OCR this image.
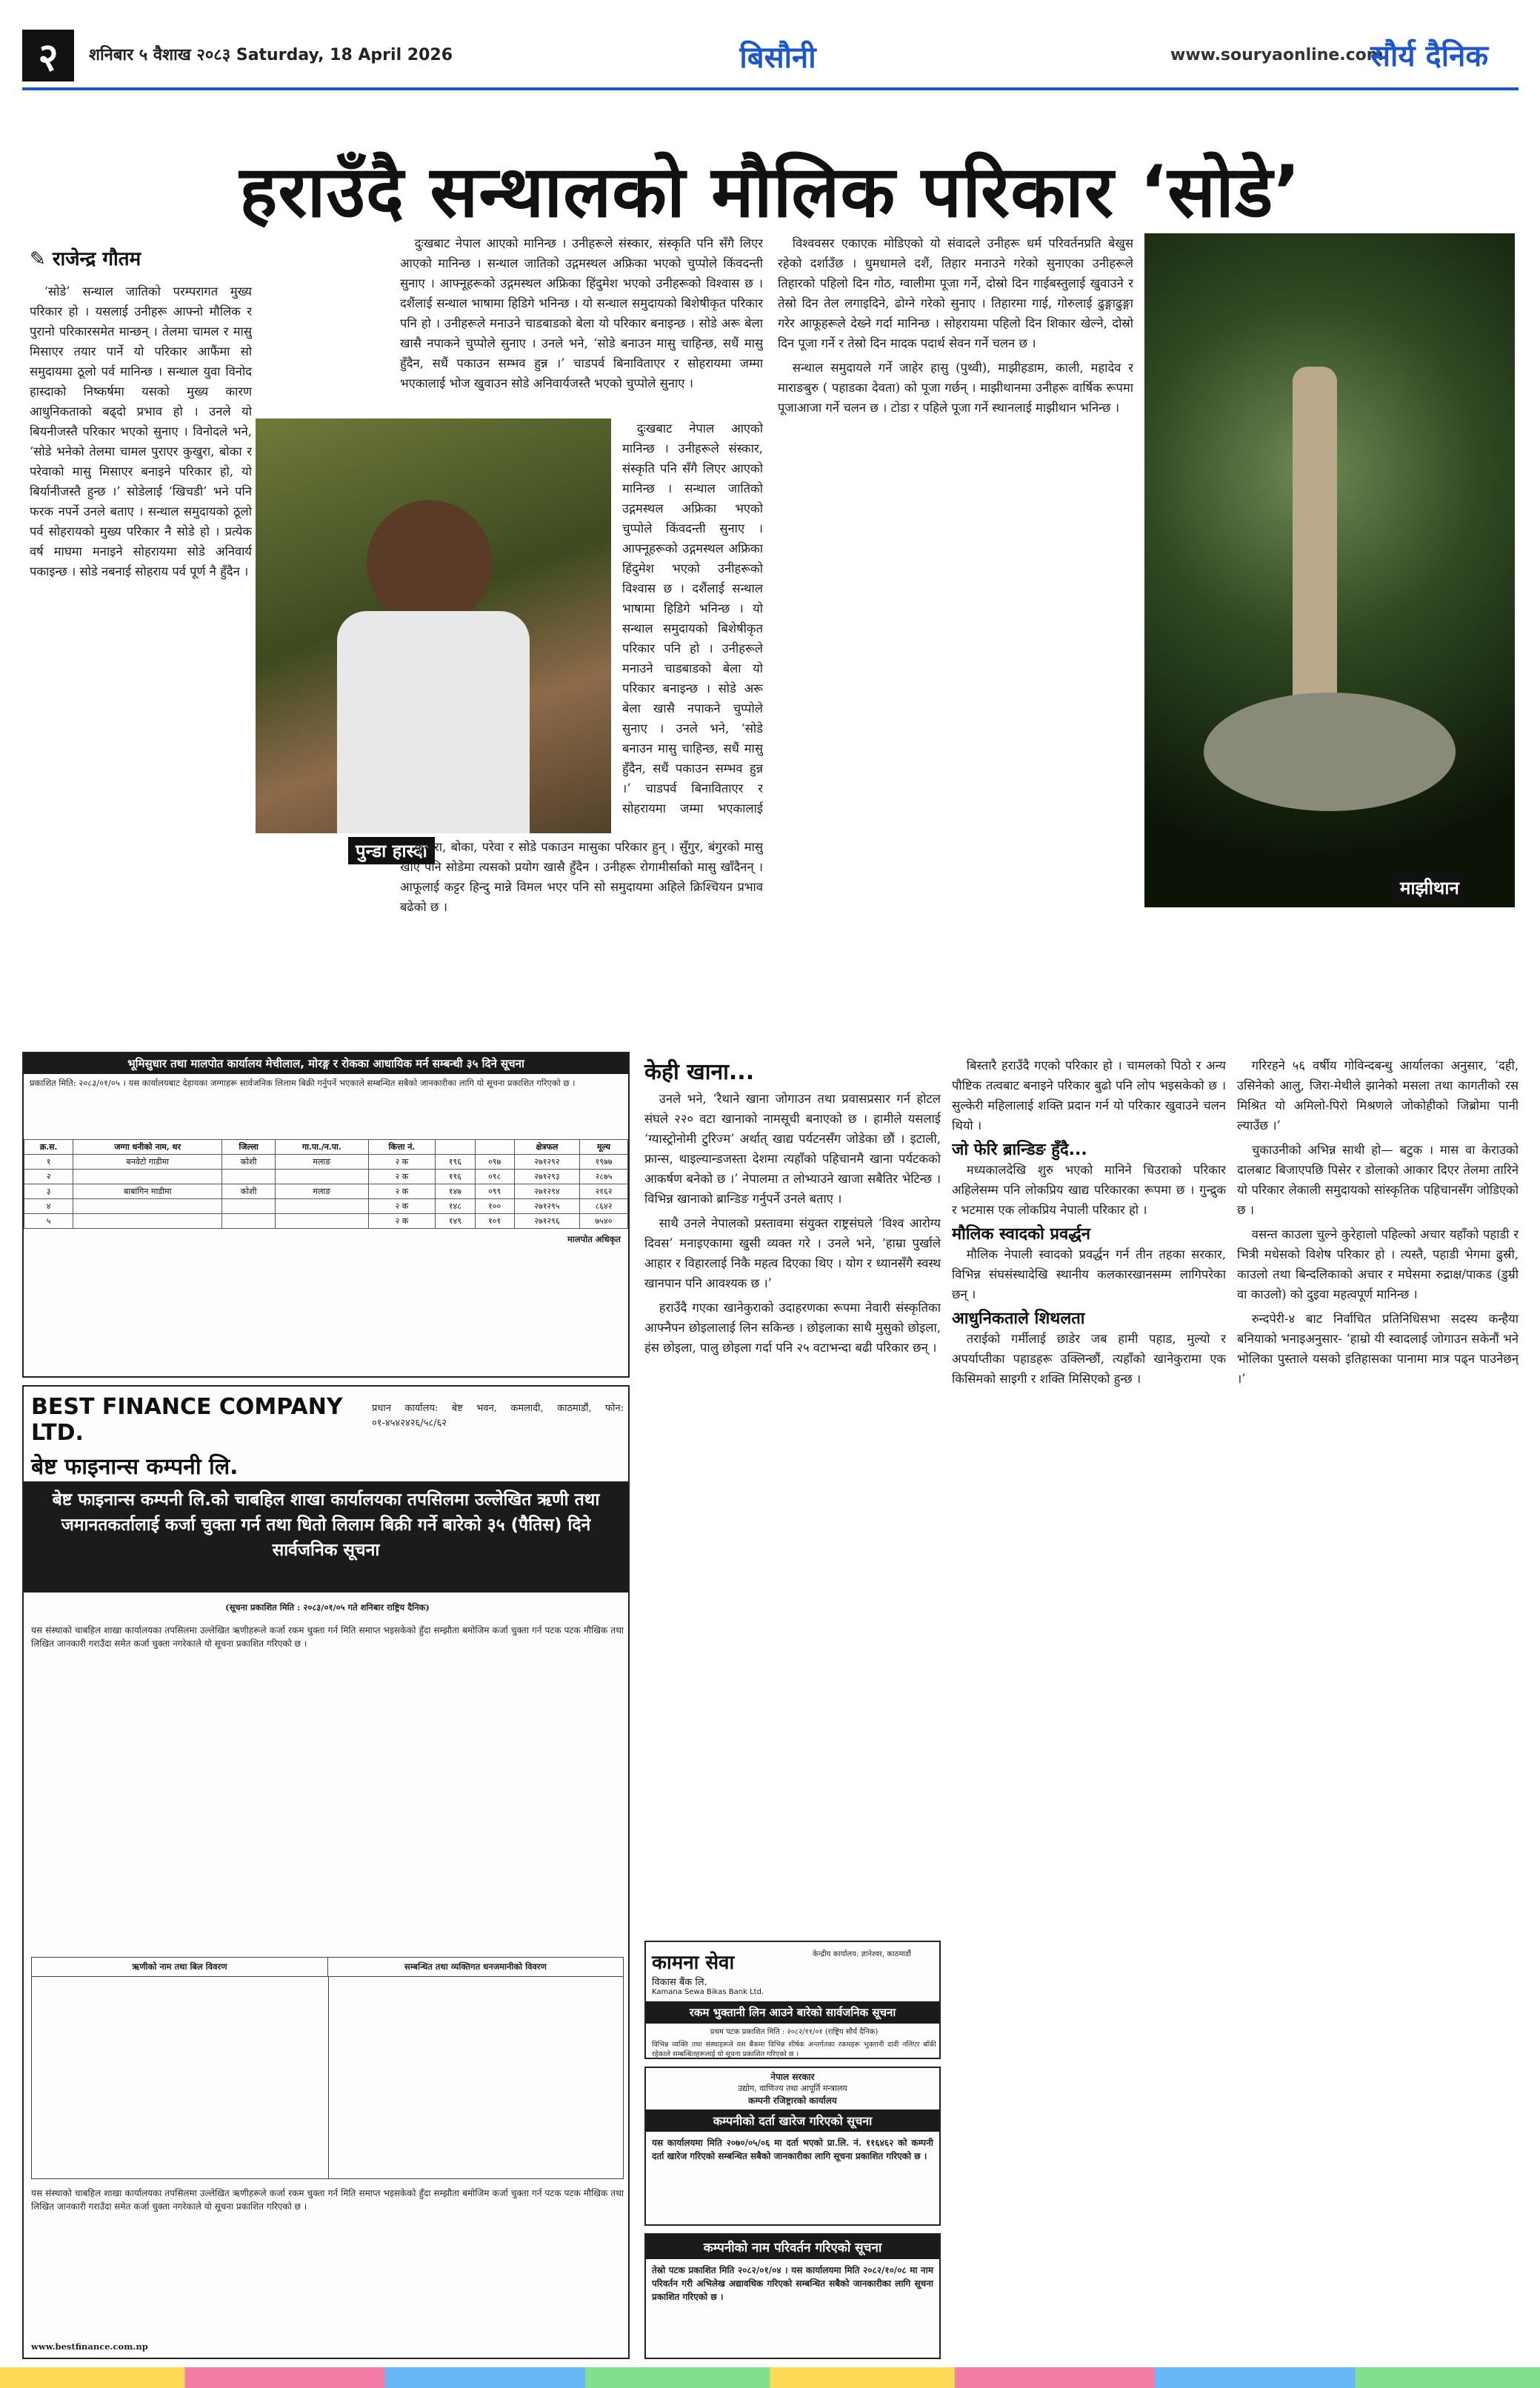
२	शनिबार ५ वैशाख २०८३ Saturday, 18 April 2026	बिसौनी	www.souryaonline.com
सौर्य दैनिक
हराउँदै सन्थालको मौलिक परिकार ‘सोडे’
✎ राजेन्द्र गौतम

‘सोडे’ सन्थाल जातिको परम्परागत मुख्य परिकार हो । यसलाई उनीहरू आफ्नो मौलिक र पुरानो परिकारसमेत मान्छन् । तेलमा चामल र मासु मिसाएर तयार पार्ने यो परिकार आफैंमा सो समुदायमा ठूलो पर्व मानिन्छ । सन्थाल युवा विनोद हास्दाको निष्कर्षमा यसको मुख्य कारण आधुनिकताको बढ्दो प्रभाव हो । उनले यो बियनीजस्तै परिकार भएको सुनाए । विनोदले भने, ‘सोडे भनेको तेलमा चामल पुराएर कुखुरा, बोका र परेवाको मासु मिसाएर बनाइने परिकार हो, यो बिर्यानीजस्तै हुन्छ ।’ सोडेलाई ‘खिचडी’ भने पनि फरक नपर्ने उनले बताए । सन्थाल समुदायको ठूलो पर्व सोहरायको मुख्य परिकार नै सोडे हो । प्रत्येक वर्ष माघमा मनाइने सोहरायमा सोडे अनिवार्य पकाइन्छ । सोडे नबनाई सोहराय पर्व पूर्ण नै हुँदैन ।

पुन्डा हास्दा

दुःखबाट नेपाल आएको मानिन्छ । उनीहरूले संस्कार, संस्कृति पनि सँगै लिएर आएको मानिन्छ । सन्थाल जातिको उद्गमस्थल अफ्रिका भएको चुप्पोले किंवदन्ती सुनाए । आफ्नूहरूको उद्गमस्थल अफ्रिका हिंदुमेश भएको उनीहरूको विश्वास छ । दशैंलाई सन्थाल भाषामा हिडिगे भनिन्छ । यो सन्थाल समुदायको बिशेषीकृत परिकार पनि हो । उनीहरूले मनाउने चाडबाडको बेला यो परिकार बनाइन्छ । सोडे अरू बेला खासै नपाकने चुप्पोले सुनाए । उनले भने, ‘सोडे बनाउन मासु चाहिन्छ, सधैं मासु हुँदैन, सधैं पकाउन सम्भव हुन्न ।’ चाडपर्व बिनाविताएर र सोहरायमा जम्मा भएकालाई भोज खुवाउन सोडे अनिवार्यजस्तै भएको चुप्पोले सुनाए ।

दुःखबाट नेपाल आएको मानिन्छ । उनीहरूले संस्कार, संस्कृति पनि सँगै लिएर आएको मानिन्छ । सन्थाल जातिको उद्गमस्थल अफ्रिका भएको चुप्पोले किंवदन्ती सुनाए । आफ्नूहरूको उद्गमस्थल अफ्रिका हिंदुमेश भएको उनीहरूको विश्वास छ । दशैंलाई सन्थाल भाषामा हिडिगे भनिन्छ । यो सन्थाल समुदायको बिशेषीकृत परिकार पनि हो । उनीहरूले मनाउने चाडबाडको बेला यो परिकार बनाइन्छ । सोडे अरू बेला खासै नपाकने चुप्पोले सुनाए । उनले भने, ‘सोडे बनाउन मासु चाहिन्छ, सधैं मासु हुँदैन, सधैं पकाउन सम्भव हुन्न ।’ चाडपर्व बिनाविताएर र सोहरायमा जम्मा भएकालाई

कुखुरा, बोका, परेवा र सोडे पकाउन मासुका परिकार हुन् । सुँगुर, बंगुरको मासु खाए पनि सोडेमा त्यसको प्रयोग खासै हुँदैन । उनीहरू रोगामीर्साको मासु खाँदैनन् । आफूलाई कट्टर हिन्दु मान्ने विमल भएर पनि सो समुदायमा अहिले क्रिश्चियन प्रभाव बढेको छ ।

विश्ववसर एकाएक मोडिएको यो संवादले उनीहरू धर्म परिवर्तनप्रति बेखुस रहेको दर्शाउँछ । धुमधामले दशैं, तिहार मनाउने गरेको सुनाएका उनीहरूले तिहारको पहिलो दिन गोठ, ग्वालीमा पूजा गर्ने, दोस्रो दिन गाईबस्तुलाई खुवाउने र तेस्रो दिन तेल लगाइदिने, ढोग्ने गरेको सुनाए । तिहारमा गाई, गोरुलाई ढुङ्गाढुङ्गा गरेर आफूहरूले देख्ने गर्दा मानिन्छ । सोहरायमा पहिलो दिन शिकार खेल्ने, दोस्रो दिन पूजा गर्ने र तेस्रो दिन मादक पदार्थ सेवन गर्ने चलन छ ।

सन्थाल समुदायले गर्ने जाहेर हासु (पुथ्वी), माझीहडाम, काली, महादेव र माराङबुरु ( पहाडका देवता) को पूजा गर्छन् । माझीथानमा उनीहरू वार्षिक रूपमा पूजाआजा गर्ने चलन छ । टोडा र पहिले पूजा गर्ने स्थानलाई माझीथान भनिन्छ ।

माझीथान
भूमिसुधार तथा मालपोत कार्यालय मेचीलाल, मोरङ्ग र रोकका आधायिक मर्न सम्बन्धी ३५ दिने सूचना
प्रकाशित मिति: २०८३/०१/०५ । यस कार्यालयबाट देहायका जग्गाहरू सार्वजनिक लिलाम बिक्री गर्नुपर्ने भएकाले सम्बन्धित सबैको जानकारीका लागि यो सूचना प्रकाशित गरिएको छ ।
क्र.स.	जग्गा धनीको नाम, थर	जिल्ला	गा.पा./न.पा.	कित्ता नं.			क्षेत्रफल	मूल्य
१	बनवेटो गाडीमा	कोशी	मलाङ	२ क	१९६	०९७	२७१२९२	१९७७
२				२ क	१९६	०९८	२७१२९३	२८७५
३	बाबांगिन माडीमा	कोशी	मलाङ	२ क	१४७	०९९	२७१२९४	२१६२
४				२ क	१४८	१००	२७१२९५	८६४२
५				२ क	१४९	१०१	२७१२९६	७५४०
मालपोत अधिकृत
BEST FINANCE COMPANY LTD.
बेष्ट फाइनान्स कम्पनी लि.
प्रधान कार्यालय: बेष्ट भवन, कमलादी, काठमाडौं, फोन: ०१-४५४२४२६/५८/६२
बेष्ट फाइनान्स कम्पनी लि.को चाबहिल शाखा कार्यालयका तपसिलमा उल्लेखित ऋणी तथा जमानतकर्तालाई कर्जा चुक्ता गर्न तथा धितो लिलाम बिक्री गर्ने बारेको ३५ (पैतिस) दिने सार्वजनिक सूचना
(सूचना प्रकाशित मिति : २०८३/०१/०५ गते शनिबार राष्ट्रिय दैनिक)
यस संस्थाको चाबहिल शाखा कार्यालयका तपसिलमा उल्लेखित ऋणीहरूले कर्जा रकम चुक्ता गर्न मिति समाप्त भइसकेको हुँदा सम्झौता बमोजिम कर्जा चुक्ता गर्न पटक पटक मौखिक तथा लिखित जानकारी गराउँदा समेत कर्जा चुक्ता नगरेकाले यो सूचना प्रकाशित गरिएको छ ।
ऋणीको नाम तथा बिल विवरण	सम्बन्धित तथा व्यक्तिगत धनजमानीको विवरण
यस संस्थाको चाबहिल शाखा कार्यालयका तपसिलमा उल्लेखित ऋणीहरूले कर्जा रकम चुक्ता गर्न मिति समाप्त भइसकेको हुँदा सम्झौता बमोजिम कर्जा चुक्ता गर्न पटक पटक मौखिक तथा लिखित जानकारी गराउँदा समेत कर्जा चुक्ता नगरेकाले यो सूचना प्रकाशित गरिएको छ ।
www.bestfinance.com.np
केही खाना...

उनले भने, ‘रैथाने खाना जोगाउन तथा प्रवासप्रसार गर्न होटल संघले २२० वटा खानाको नामसूची बनाएको छ । हामीले यसलाई ‘ग्यास्ट्रोनोमी टुरिज्म’ अर्थात् खाद्य पर्यटनसँग जोडेका छौं । इटाली, फ्रान्स, थाइल्यान्डजस्ता देशमा त्यहाँको पहिचानमै खाना पर्यटकको आकर्षण बनेको छ ।’ नेपालमा त लोभ्याउने खाजा सबैतिर भेटिन्छ । विभिन्न खानाको ब्रान्डिङ गर्नुपर्ने उनले बताए ।

साथै उनले नेपालको प्रस्तावमा संयुक्त राष्ट्रसंघले ‘विश्व आरोग्य दिवस’ मनाइएकामा खुसी व्यक्त गरे । उनले भने, ‘हाम्रा पुर्खाले आहार र विहारलाई निकै महत्व दिएका थिए । योग र ध्यानसँगै स्वस्थ खानपान पनि आवश्यक छ ।’

हराउँदै गएका खानेकुराको उदाहरणका रूपमा नेवारी संस्कृतिका आफ्नैपन छोइलालाई लिन सकिन्छ । छोइलाका साथै मुसुको छोइला, हंस छोइला, पालु छोइला गर्दा पनि २५ वटाभन्दा बढी परिकार छन् ।

बिस्तारै हराउँदै गएको परिकार हो । चामलको पिठो र अन्य पौष्टिक तत्वबाट बनाइने परिकार बुढो पनि लोप भइसकेको छ । सुल्केरी महिलालाई शक्ति प्रदान गर्न यो परिकार खुवाउने चलन थियो ।

जो फेरि ब्रान्डिङ हुँदै...

मध्यकालदेखि शुरु भएको मानिने चिउराको परिकार अहिलेसम्म पनि लोकप्रिय खाद्य परिकारका रूपमा छ । गुन्द्रुक र भटमास एक लोकप्रिय नेपाली परिकार हो ।

मौलिक स्वादको प्रवर्द्धन

मौलिक नेपाली स्वादको प्रवर्द्धन गर्न तीन तहका सरकार, विभिन्न संघसंस्थादेखि स्थानीय कलकारखानसम्म लागिपरेका छन् ।

आधुनिकताले शिथलता

तराईको गर्मीलाई छाडेर जब हामी पहाड, मुल्यो र अपर्याप्तीका पहाडहरू उक्लिन्छौं, त्यहाँको खानेकुरामा एक किसिमको साइगी र शक्ति मिसिएको हुन्छ ।

गरिरहने ५६ वर्षीय गोविन्दबन्धु आर्यालका अनुसार, ‘दही, उसिनेको आलु, जिरा-मेथीले झानेको मसला तथा कागतीको रस मिश्रित यो अमिलो-पिरो मिश्रणले जोकोहीको जिब्रोमा पानी ल्याउँछ ।’

चुकाउनीको अभिन्न साथी हो— बटुक । मास वा केराउको दालबाट बिजाएपछि पिसेर र डोलाको आकार दिएर तेलमा तारिने यो परिकार लेकाली समुदायको सांस्कृतिक पहिचानसँग जोडिएको छ ।

वसन्त काउला चुल्ने कुरेहालो पहिल्को अचार यहाँको पहाडी र भित्री मधेसको विशेष परिकार हो । त्यस्तै, पहाडी भेगमा ढुस्री, काउलो तथा बिन्दलिकाको अचार र मघेसमा रुद्राक्ष/पाकड (डुम्री वा काउलो) को दुइवा महत्वपूर्ण मानिन्छ ।

रुन्दपेरी-४ बाट निर्वाचित प्रतिनिधिसभा सदस्य कन्हैया बनियाको भनाइअनुसार- ‘हाम्रो यी स्वादलाई जोगाउन सकेनौं भने भोलिका पुस्ताले यसको इतिहासका पानामा मात्र पढ्न पाउनेछन् ।’

कामना सेवा
विकास बैंक लि.
Kamana Sewa Bikas Bank Ltd.
केन्द्रीय कार्यालय: ज्ञानेश्वर, काठमाडौं
रकम भुक्तानी लिन आउने बारेको सार्वजनिक सूचना
प्रथम पटक प्रकाशित मिति : २०८२/११/०१ (राष्ट्रिय सौर्य दैनिक)
विभिन्न व्यक्ति तथा संस्थाहरूले यस बैंकमा विभिन्न शीर्षक अन्तर्गतका रकमहरू भुक्तानी दावी नलिएर बाँकी रहेकाले सम्बन्धितहरूलाई यो सूचना प्रकाशित गरिएको छ ।
नेपाल सरकार
उद्योग, वाणिज्य तथा आपूर्ति मन्त्रालय
कम्पनी रजिष्ट्रारको कार्यालय
कम्पनीको दर्ता खारेज गरिएको सूचना
यस कार्यालयमा मिति २०७०/०५/०६ मा दर्ता भएको प्रा.लि. नं. ११६४६२ को कम्पनी दर्ता खारेज गरिएको सम्बन्धित सबैको जानकारीका लागि सूचना प्रकाशित गरिएको छ ।
कम्पनीको नाम परिवर्तन गरिएको सूचना
तेस्रो पटक प्रकाशित मिति २०८२/०१/०४ । यस कार्यालयमा मिति २०८२/१०/०८ मा नाम परिवर्तन गरी अभिलेख अद्यावधिक गरिएको सम्बन्धित सबैको जानकारीका लागि सूचना प्रकाशित गरिएको छ ।
